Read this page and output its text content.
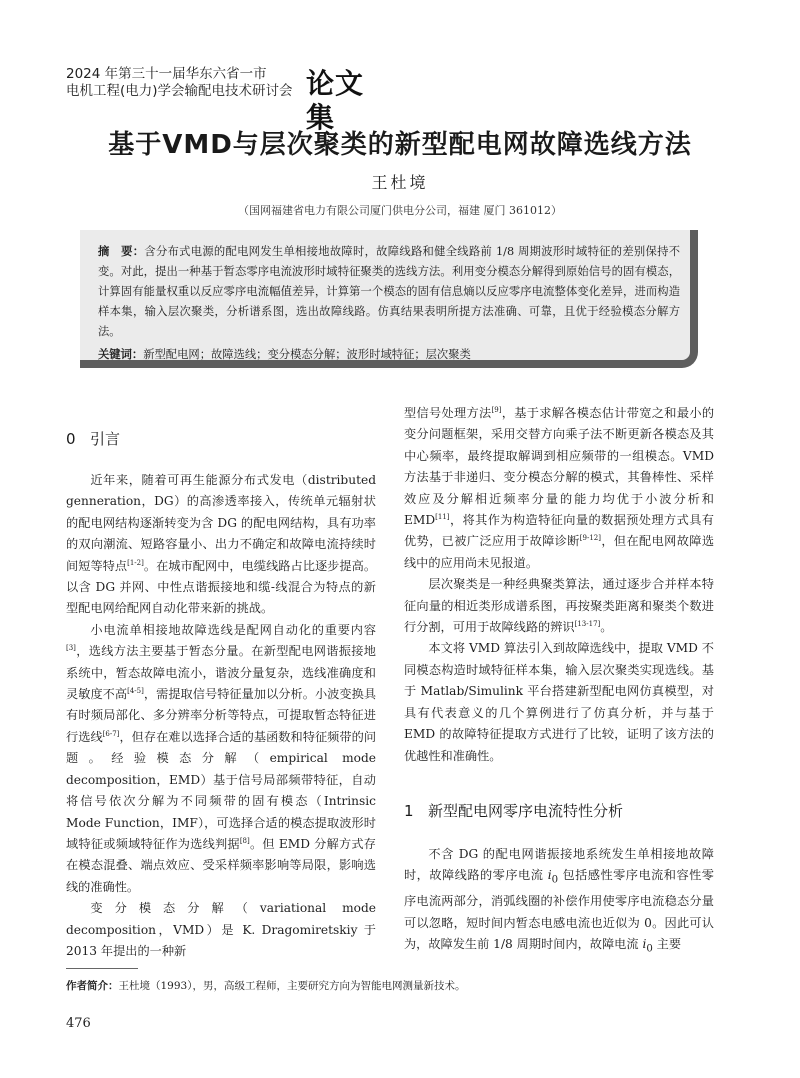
2024 年第三十一届华东六省一市
电机工程(电力)学会输配电技术研讨会 论文集
基于VMD与层次聚类的新型配电网故障选线方法
王杜境
（国网福建省电力有限公司厦门供电分公司，福建 厦门 361012）
摘　要：含分布式电源的配电网发生单相接地故障时，故障线路和健全线路前 1/8 周期波形时域特征的差别保持不变。对此，提出一种基于暂态零序电流波形时域特征聚类的选线方法。利用变分模态分解得到原始信号的固有模态，计算固有能量权重以反应零序电流幅值差异，计算第一个模态的固有信息熵以反应零序电流整体变化差异，进而构造样本集，输入层次聚类，分析谱系图，选出故障线路。仿真结果表明所提方法准确、可靠，且优于经验模态分解方法。
关键词：新型配电网；故障选线；变分模态分解；波形时域特征；层次聚类
0 引言

近年来，随着可再生能源分布式发电（distributed genneration，DG）的高渗透率接入，传统单元辐射状的配电网结构逐渐转变为含 DG 的配电网结构，具有功率的双向潮流、短路容量小、出力不确定和故障电流持续时间短等特点[1-2]。在城市配网中，电缆线路占比逐步提高。以含 DG 并网、中性点谐振接地和缆-线混合为特点的新型配电网给配网自动化带来新的挑战。

小电流单相接地故障选线是配网自动化的重要内容[3]，选线方法主要基于暂态分量。在新型配电网谐振接地系统中，暂态故障电流小，谐波分量复杂，选线准确度和灵敏度不高[4-5]，需提取信号特征量加以分析。小波变换具有时频局部化、多分辨率分析等特点，可提取暂态特征进行选线[6-7]，但存在难以选择合适的基函数和特征频带的问题。经验模态分解（empirical mode decomposition，EMD）基于信号局部频带特征，自动将信号依次分解为不同频带的固有模态（Intrinsic Mode Function，IMF），可选择合适的模态提取波形时域特征或频域特征作为选线判据[8]。但 EMD 分解方式存在模态混叠、端点效应、受采样频率影响等局限，影响选线的准确性。

变分模态分解（variational mode decomposition，VMD）是 K. Dragomiretskiy 于 2013 年提出的一种新

型信号处理方法[9]，基于求解各模态估计带宽之和最小的变分问题框架，采用交替方向乘子法不断更新各模态及其中心频率，最终提取解调到相应频带的一组模态。VMD 方法基于非递归、变分模态分解的模式，其鲁棒性、采样效应及分解相近频率分量的能力均优于小波分析和 EMD[11]，将其作为构造特征向量的数据预处理方式具有优势，已被广泛应用于故障诊断[9-12]，但在配电网故障选线中的应用尚未见报道。

层次聚类是一种经典聚类算法，通过逐步合并样本特征向量的相近类形成谱系图，再按聚类距离和聚类个数进行分割，可用于故障线路的辨识[13-17]。

本文将 VMD 算法引入到故障选线中，提取 VMD 不同模态构造时域特征样本集，输入层次聚类实现选线。基于 Matlab/Simulink 平台搭建新型配电网仿真模型，对具有代表意义的几个算例进行了仿真分析，并与基于 EMD 的故障特征提取方式进行了比较，证明了该方法的优越性和准确性。

1 新型配电网零序电流特性分析

不含 DG 的配电网谐振接地系统发生单相接地故障时，故障线路的零序电流 $i_0$ 包括感性零序电流和容性零序电流两部分，消弧线圈的补偿作用使零序电流稳态分量可以忽略，短时间内暂态电感电流也近似为 0。因此可认为，故障发生前 1/8 周期时间内，故障电流 $i_0$ 主要

作者简介：王杜境（1993），男，高级工程师，主要研究方向为智能电网测量新技术。
476
